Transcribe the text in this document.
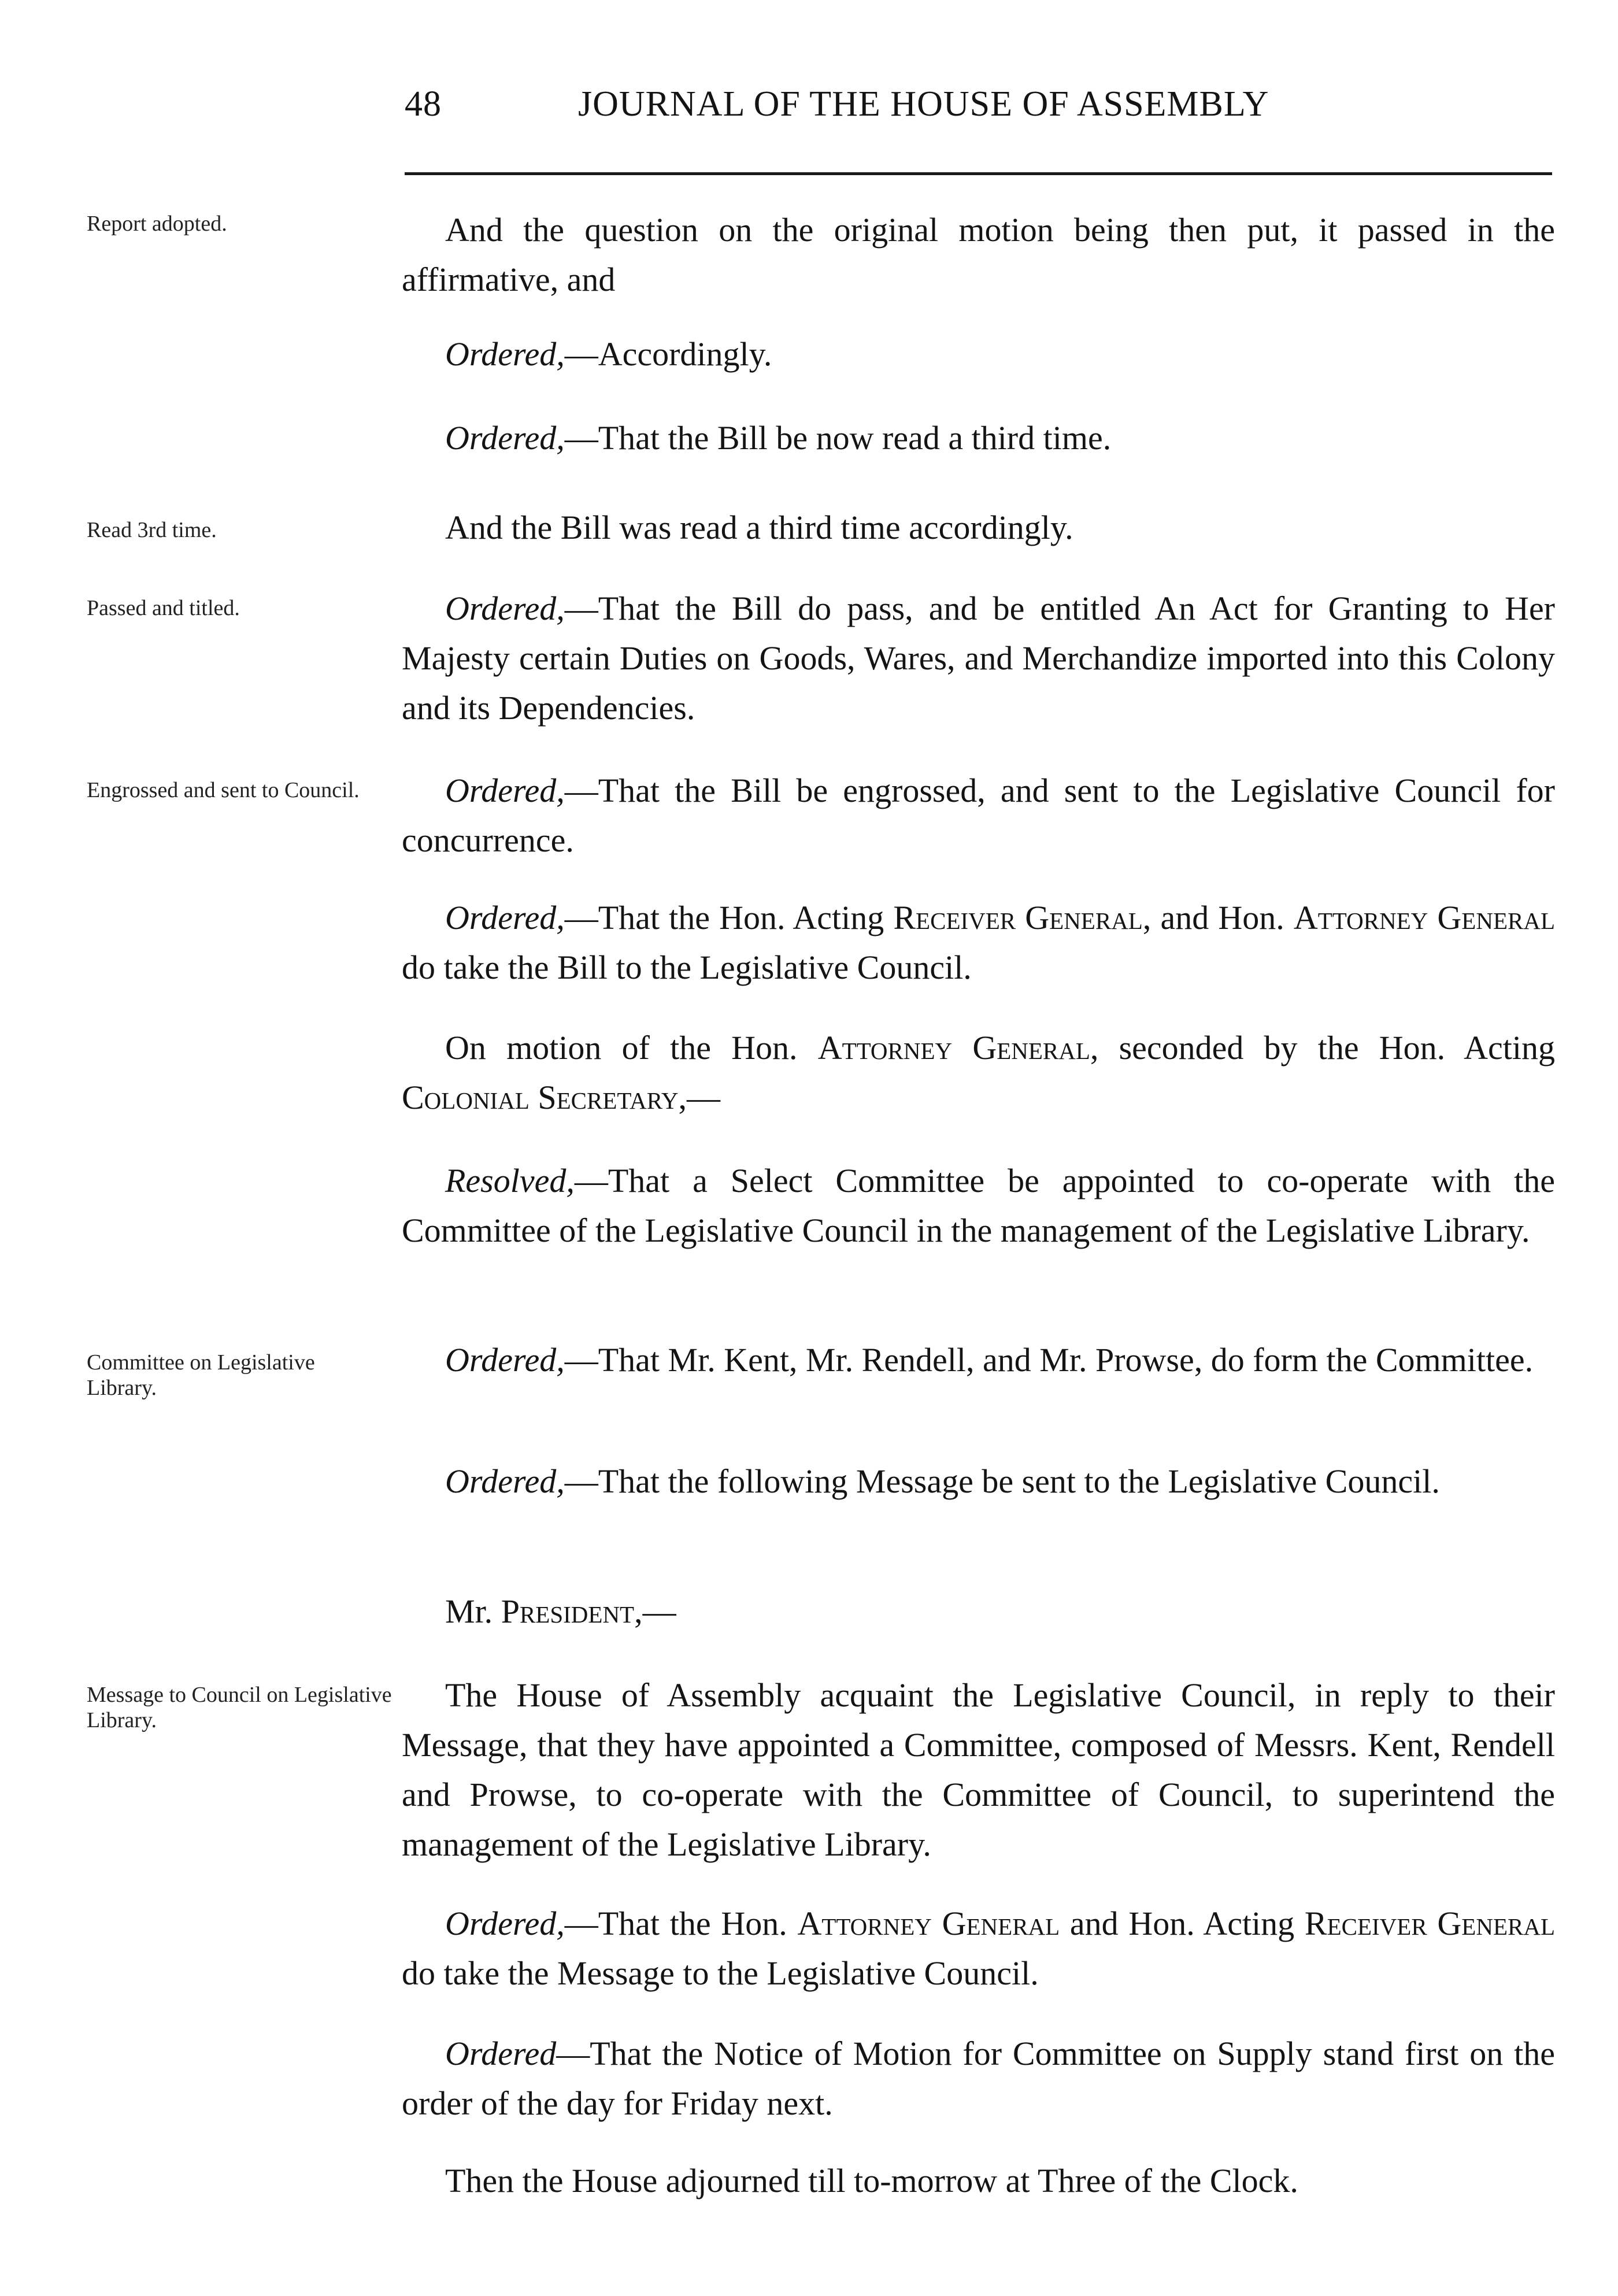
48	JOURNAL OF THE HOUSE OF ASSEMBLY
Report adopted.
Read 3rd time.
Passed and titled.
Engrossed and sent to Council.
Committee on Legislative Library.
Message to Council on Legislative Library.
And the question on the original motion being then put, it passed in the affirmative, and
Ordered,—Accordingly.
Ordered,—That the Bill be now read a third time.
And the Bill was read a third time accordingly.
Ordered,—That the Bill do pass, and be entitled An Act for Granting to Her Majesty certain Duties on Goods, Wares, and Merchandize imported into this Colony and its Dependencies.
Ordered,—That the Bill be engrossed, and sent to the Legislative Council for concurrence.
Ordered,—That the Hon. Acting Receiver General, and Hon. Attorney General do take the Bill to the Legislative Council.
On motion of the Hon. Attorney General, seconded by the Hon. Acting Colonial Secretary,—
Resolved,—That a Select Committee be appointed to co-operate with the Committee of the Legislative Council in the management of the Legislative Library.
Ordered,—That Mr. Kent, Mr. Rendell, and Mr. Prowse, do form the Committee.
Ordered,—That the following Message be sent to the Legislative Council.
Mr. President,—
The House of Assembly acquaint the Legislative Council, in reply to their Message, that they have appointed a Committee, composed of Messrs. Kent, Rendell and Prowse, to co-operate with the Committee of Council, to superintend the management of the Legislative Library.
Ordered,—That the Hon. Attorney General and Hon. Acting Receiver General do take the Message to the Legislative Council.
Ordered—That the Notice of Motion for Committee on Supply stand first on the order of the day for Friday next.
Then the House adjourned till to-morrow at Three of the Clock.
